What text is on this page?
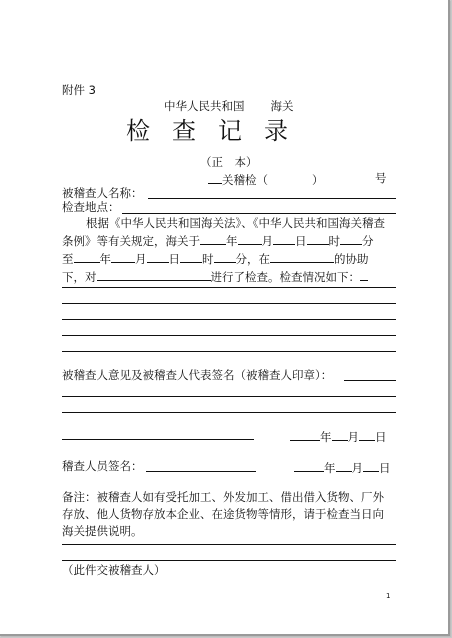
附件 3
中华人民共和国 海关
检查记录
（正　本）
关稽检（	）	号
被稽查人名称：
检查地点：
根据《中华人民共和国海关法》、《中华人民共和国海关稽查
条例》等有关规定，海关于 年 月 日 时 分
至 年 月 日 时 分，在	的协助
下，对	进行了检查。检查情况如下：
被稽查人意见及被稽查人代表签名（被稽查人印章）：
年 月 日
稽查人员签名：	年 月 日
备注：被稽查人如有受托加工、外发加工、借出借入货物、厂外
存放、他人货物存放本企业、在途货物等情形，请于检查当日向
海关提供说明。
（此件交被稽查人）
1
